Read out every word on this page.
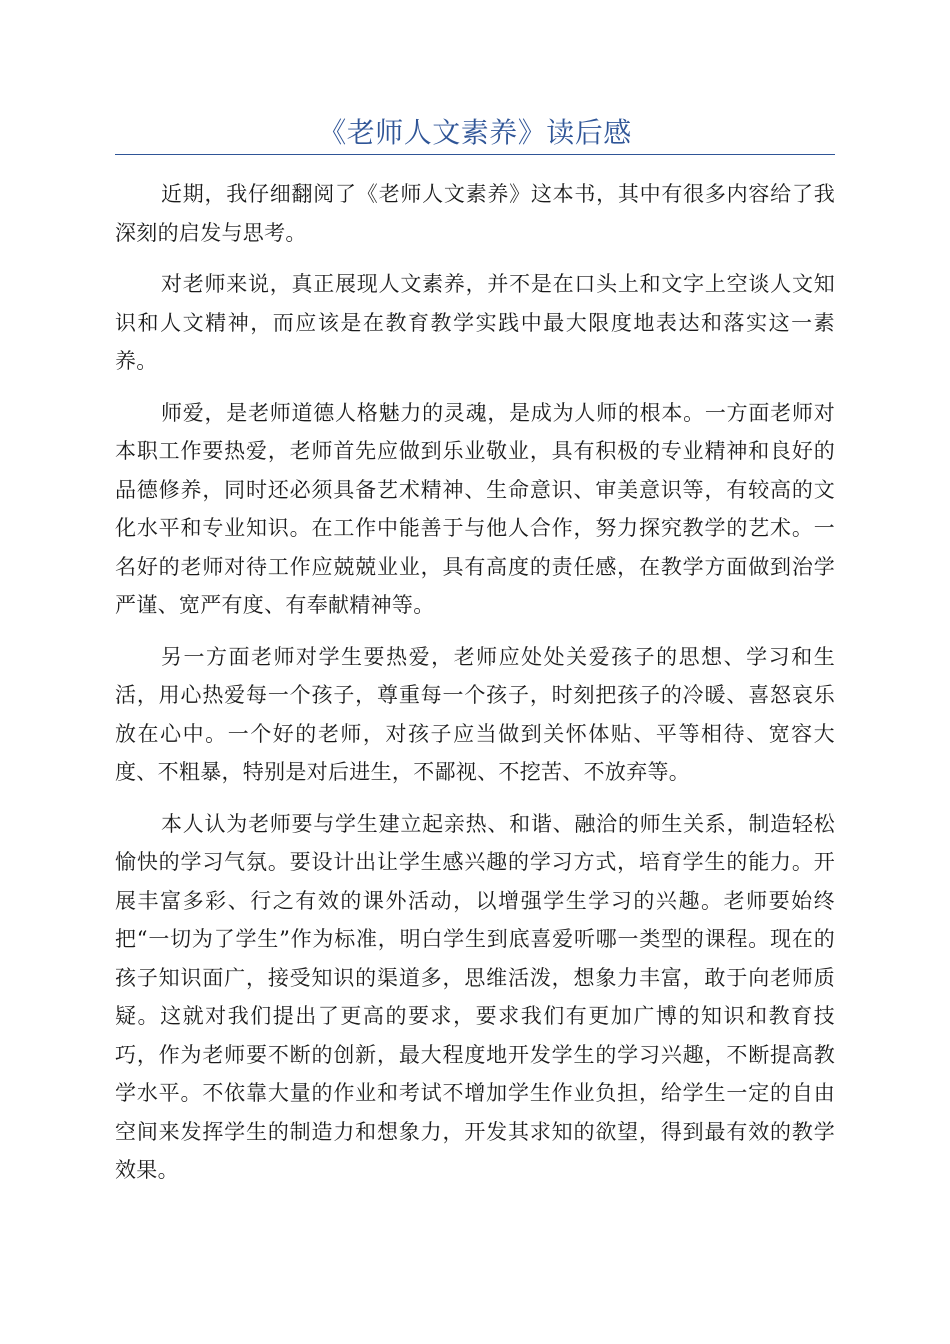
《老师人文素养》读后感

近期，我仔细翻阅了《老师人文素养》这本书，其中有很多内容给了我深刻的启发与思考。

对老师来说，真正展现人文素养，并不是在口头上和文字上空谈人文知识和人文精神，而应该是在教育教学实践中最大限度地表达和落实这一素养。

师爱，是老师道德人格魅力的灵魂，是成为人师的根本。一方面老师对本职工作要热爱，老师首先应做到乐业敬业，具有积极的专业精神和良好的品德修养，同时还必须具备艺术精神、生命意识、审美意识等，有较高的文化水平和专业知识。在工作中能善于与他人合作，努力探究教学的艺术。一名好的老师对待工作应兢兢业业，具有高度的责任感，在教学方面做到治学严谨、宽严有度、有奉献精神等。

另一方面老师对学生要热爱，老师应处处关爱孩子的思想、学习和生活，用心热爱每一个孩子，尊重每一个孩子，时刻把孩子的冷暖、喜怒哀乐放在心中。一个好的老师，对孩子应当做到关怀体贴、平等相待、宽容大度、不粗暴，特别是对后进生，不鄙视、不挖苦、不放弃等。

本人认为老师要与学生建立起亲热、和谐、融洽的师生关系，制造轻松愉快的学习气氛。要设计出让学生感兴趣的学习方式，培育学生的能力。开展丰富多彩、行之有效的课外活动，以增强学生学习的兴趣。老师要始终把“一切为了学生”作为标准，明白学生到底喜爱听哪一类型的课程。现在的孩子知识面广，接受知识的渠道多，思维活泼，想象力丰富，敢于向老师质疑。这就对我们提出了更高的要求，要求我们有更加广博的知识和教育技巧，作为老师要不断的创新，最大程度地开发学生的学习兴趣，不断提高教学水平。不依靠大量的作业和考试不增加学生作业负担，给学生一定的自由空间来发挥学生的制造力和想象力，开发其求知的欲望，得到最有效的教学效果。
